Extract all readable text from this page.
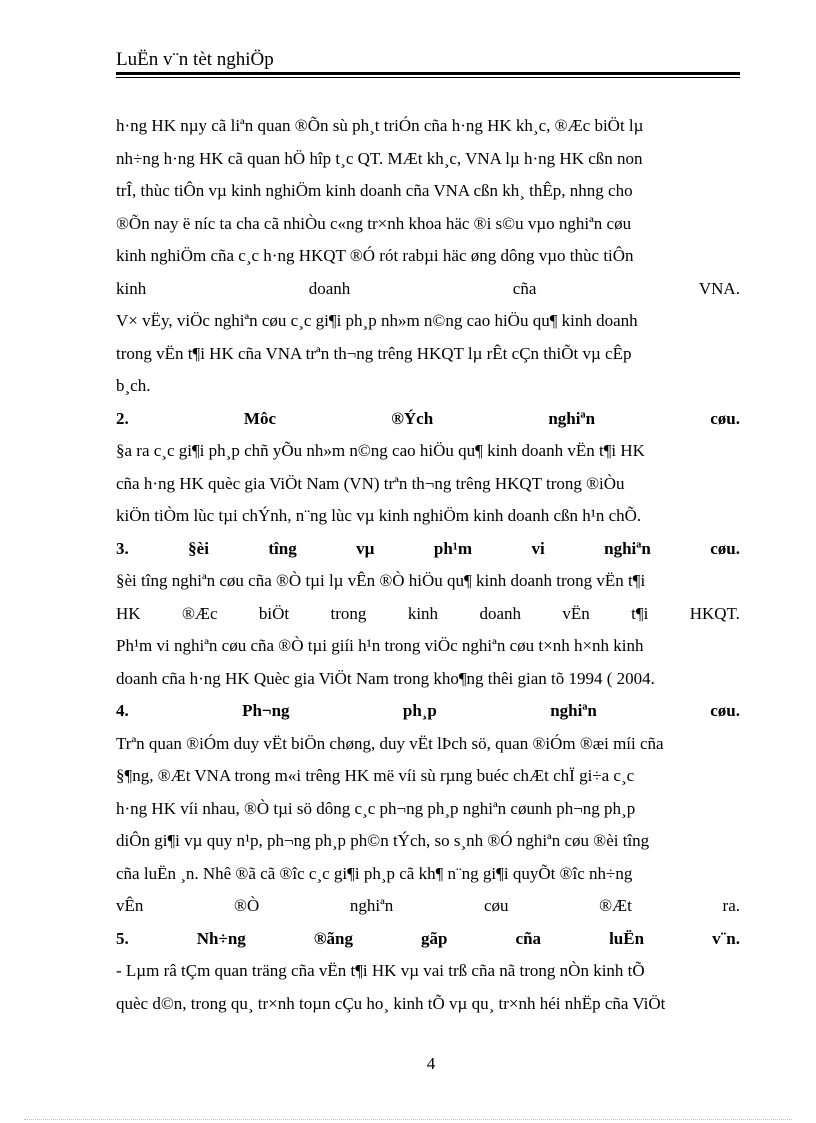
LuËn v¨n tèt nghiÖp
h·ng HK nµy cã liªn quan ®Õn sù ph¸t triÓn cña h·ng HK kh¸c, ®Æc biÖt lµ
nh÷ng h·ng HK cã quan hÖ hîp t¸c QT. MÆt kh¸c, VNA lµ h·ng HK cßn non
trÎ, thùc tiÔn vµ kinh nghiÖm kinh doanh cña VNA cßn kh¸ thÊp, nhng cho
®Õn nay ë níc ta cha cã nhiÒu c«ng tr×nh khoa häc ®i s©u vµo nghiªn cøu
kinh nghiÖm cña c¸c h·ng HKQT ®Ó rót rabµi häc øng dông vµo thùc tiÔn
kinh	doanh	cña	VNA.
V× vËy, viÖc nghiªn cøu c¸c gi¶i ph¸p nh»m n©ng cao hiÖu qu¶ kinh doanh
trong vËn t¶i HK cña VNA trªn th¬ng trêng HKQT lµ rÊt cÇn thiÕt vµ cÊp
b¸ch.
2.	Môc	®Ých	nghiªn	cøu.
§a ra c¸c gi¶i ph¸p chñ yÕu nh»m n©ng cao hiÖu qu¶ kinh doanh vËn t¶i HK
cña h·ng HK quèc gia ViÖt Nam (VN) trªn th¬ng trêng HKQT trong ®iÒu
kiÖn tiÒm lùc tµi chÝnh, n¨ng lùc vµ kinh nghiÖm kinh doanh cßn h¹n chÕ.
3.	§èi	tîng	vµ	ph¹m	vi	nghiªn	cøu.
§èi tîng nghiªn cøu cña ®Ò tµi lµ vÊn ®Ò hiÖu qu¶ kinh doanh trong vËn t¶i
HK ®Æc biÖt trong kinh doanh vËn t¶i HKQT.
Ph¹m vi nghiªn cøu cña ®Ò tµi giíi h¹n trong viÖc nghiªn cøu t×nh h×nh kinh
doanh cña h·ng HK Quèc gia ViÖt Nam trong kho¶ng thêi gian tõ 1994 ( 2004.
4.	Ph¬ng	ph¸p	nghiªn	cøu.
Trªn quan ®iÓm duy vËt biÖn chøng, duy vËt lÞch sö, quan ®iÓm ®æi míi cña
§¶ng, ®Æt VNA trong m«i trêng HK më víi sù rµng buéc chÆt chÏ gi÷a c¸c
h·ng HK víi nhau, ®Ò tµi sö dông c¸c ph¬ng ph¸p nghiªn cøunh ph¬ng ph¸p
diÔn gi¶i vµ quy n¹p, ph¬ng ph¸p ph©n tÝch, so s¸nh ®Ó nghiªn cøu ®èi tîng
cña luËn ¸n. Nhê ®ã cã ®îc c¸c gi¶i ph¸p cã kh¶ n¨ng gi¶i quyÕt ®îc nh÷ng
vÊn	®Ò	nghiªn	cøu	®Æt	ra.
5.	Nh÷ng	®ãng	gãp	cña	luËn	v¨n.
- Lµm râ tÇm quan träng cña vËn t¶i HK vµ vai trß cña nã trong nÒn kinh tÕ
quèc d©n, trong qu¸ tr×nh toµn cÇu ho¸ kinh tÕ vµ qu¸ tr×nh héi nhËp cña ViÖt
4
